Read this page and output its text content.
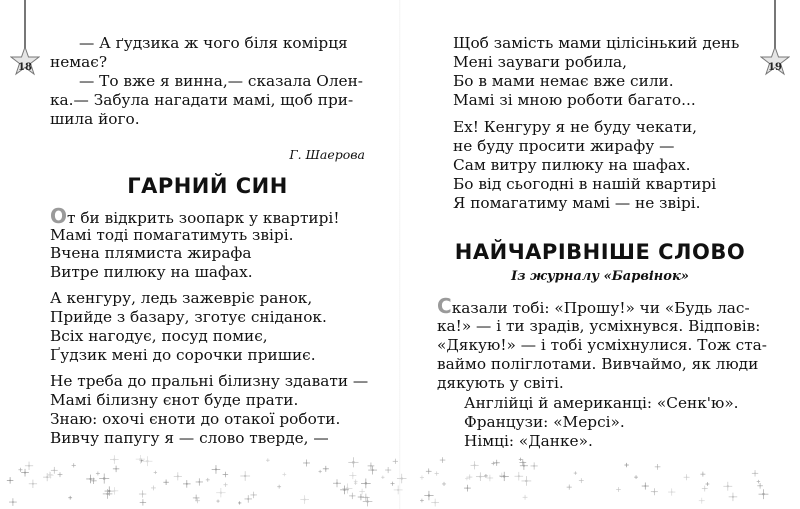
18
— А ґудзика ж чого біля комірця
немає?
— То вже я винна,— сказала Олен-
ка.— Забула нагадати мамі, щоб при-
шила його.
Г. Шаерова
ГАРНИЙ СИН
От би відкрить зоопарк у квартирі!
Мамі тоді помагатимуть звірі.
Вчена плямиста жирафа
Витре пилюку на шафах.
А кенгуру, ледь зажевріє ранок,
Прийде з базару, зготує сніданок.
Всіх нагодує, посуд помиє,
Ґудзик мені до сорочки пришиє.
Не треба до пральні білизну здавати —
Мамі білизну єнот буде прати.
Знаю: охочі єноти до отакої роботи.
Вивчу папугу я — слово тверде, —
19
Щоб замість мами цілісінький день
Мені зауваги робила,
Бо в мами немає вже сили.
Мамі зі мною роботи багато...
Ех! Кенгуру я не буду чекати,
не буду просити жирафу —
Сам витру пилюку на шафах.
Бо від сьогодні в нашій квартирі
Я помагатиму мамі — не звірі.
НАЙЧАРІВНІШЕ СЛОВО
Із журналу «Барвінок»
Сказали тобі: «Прошу!» чи «Будь лас-
ка!» — і ти зрадів, усміхнувся. Відповів:
«Дякую!» — і тобі усміхнулися. Тож ста-
ваймо поліглотами. Вивчаймо, як люди
дякують у світі.
Англійці й американці: «Сенк'ю».
Французи: «Мерсі».
Німці: «Данке».
